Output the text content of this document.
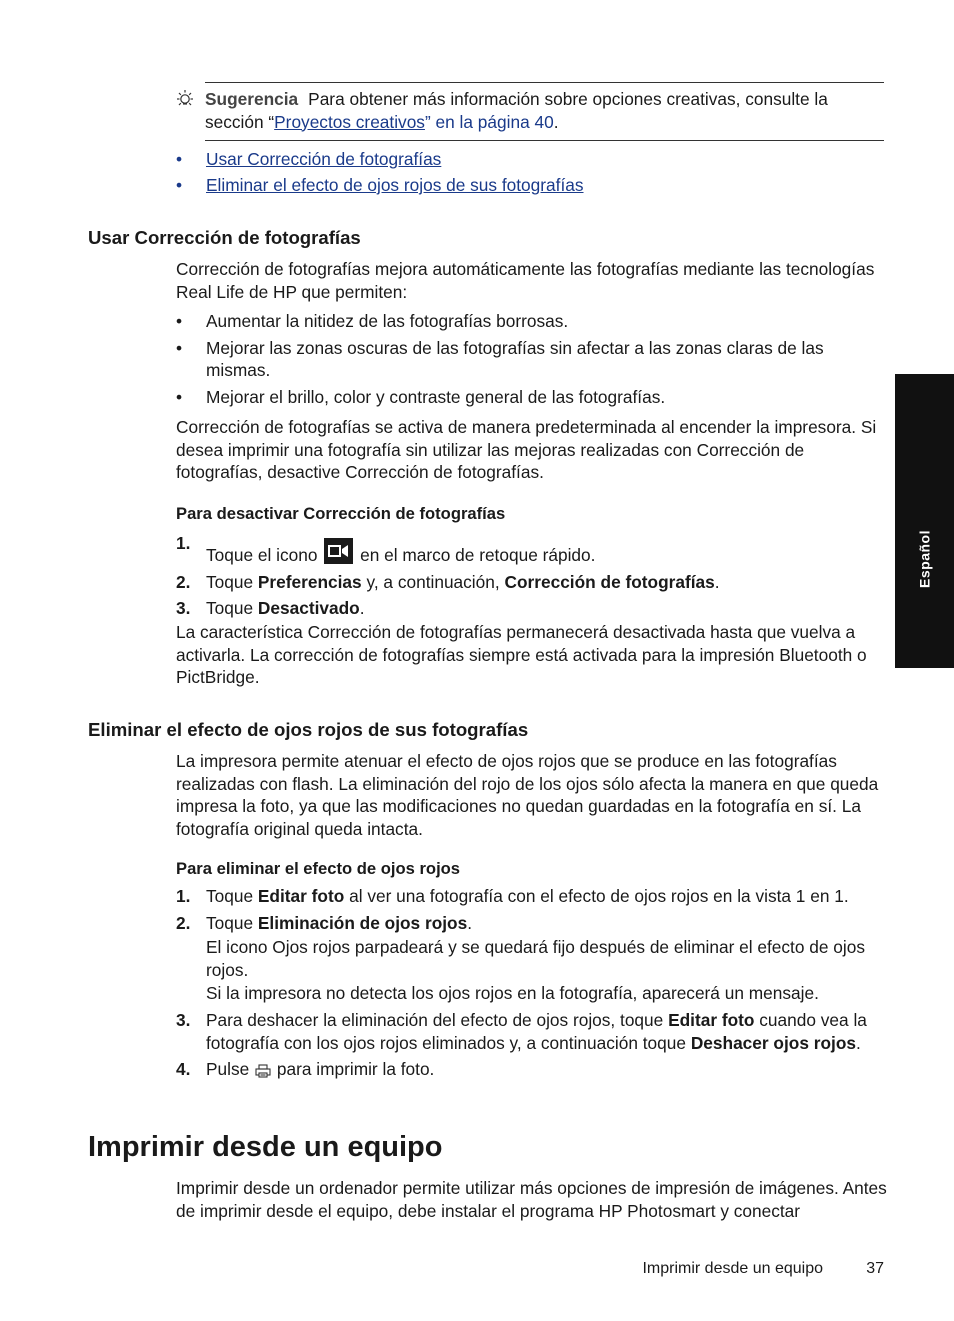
Sugerencia Para obtener más información sobre opciones creativas, consulte la sección “Proyectos creativos” en la página 40.
• Usar Corrección de fotografías
• Eliminar el efecto de ojos rojos de sus fotografías
Usar Corrección de fotografías

Corrección de fotografías mejora automáticamente las fotografías mediante las tecnologías Real Life de HP que permiten:

• Aumentar la nitidez de las fotografías borrosas.
• Mejorar las zonas oscuras de las fotografías sin afectar a las zonas claras de las mismas.
• Mejorar el brillo, color y contraste general de las fotografías.

Corrección de fotografías se activa de manera predeterminada al encender la impresora. Si desea imprimir una fotografía sin utilizar las mejoras realizadas con Corrección de fotografías, desactive Corrección de fotografías.

Para desactivar Corrección de fotografías
1.
Toque el icono en el marco de retoque rápido.
2. Toque Preferencias y, a continuación, Corrección de fotografías.
3. Toque Desactivado.

La característica Corrección de fotografías permanecerá desactivada hasta que vuelva a activarla. La corrección de fotografías siempre está activada para la impresión Bluetooth o PictBridge.

Eliminar el efecto de ojos rojos de sus fotografías

La impresora permite atenuar el efecto de ojos rojos que se produce en las fotografías realizadas con flash. La eliminación del rojo de los ojos sólo afecta la manera en que queda impresa la foto, ya que las modificaciones no quedan guardadas en la fotografía en sí. La fotografía original queda intacta.

Para eliminar el efecto de ojos rojos
1. Toque Editar foto al ver una fotografía con el efecto de ojos rojos en la vista 1 en 1.
2. Toque Eliminación de ojos rojos.

El icono Ojos rojos parpadeará y se quedará fijo después de eliminar el efecto de ojos rojos.

Si la impresora no detecta los ojos rojos en la fotografía, aparecerá un mensaje.

3. Para deshacer la eliminación del efecto de ojos rojos, toque Editar foto cuando vea la fotografía con los ojos rojos eliminados y, a continuación toque Deshacer ojos rojos.
4. Pulse para imprimir la foto.
Imprimir desde un equipo

Imprimir desde un ordenador permite utilizar más opciones de impresión de imágenes. Antes de imprimir desde el equipo, debe instalar el programa HP Photosmart y conectar

Español
Imprimir desde un equipo	37
